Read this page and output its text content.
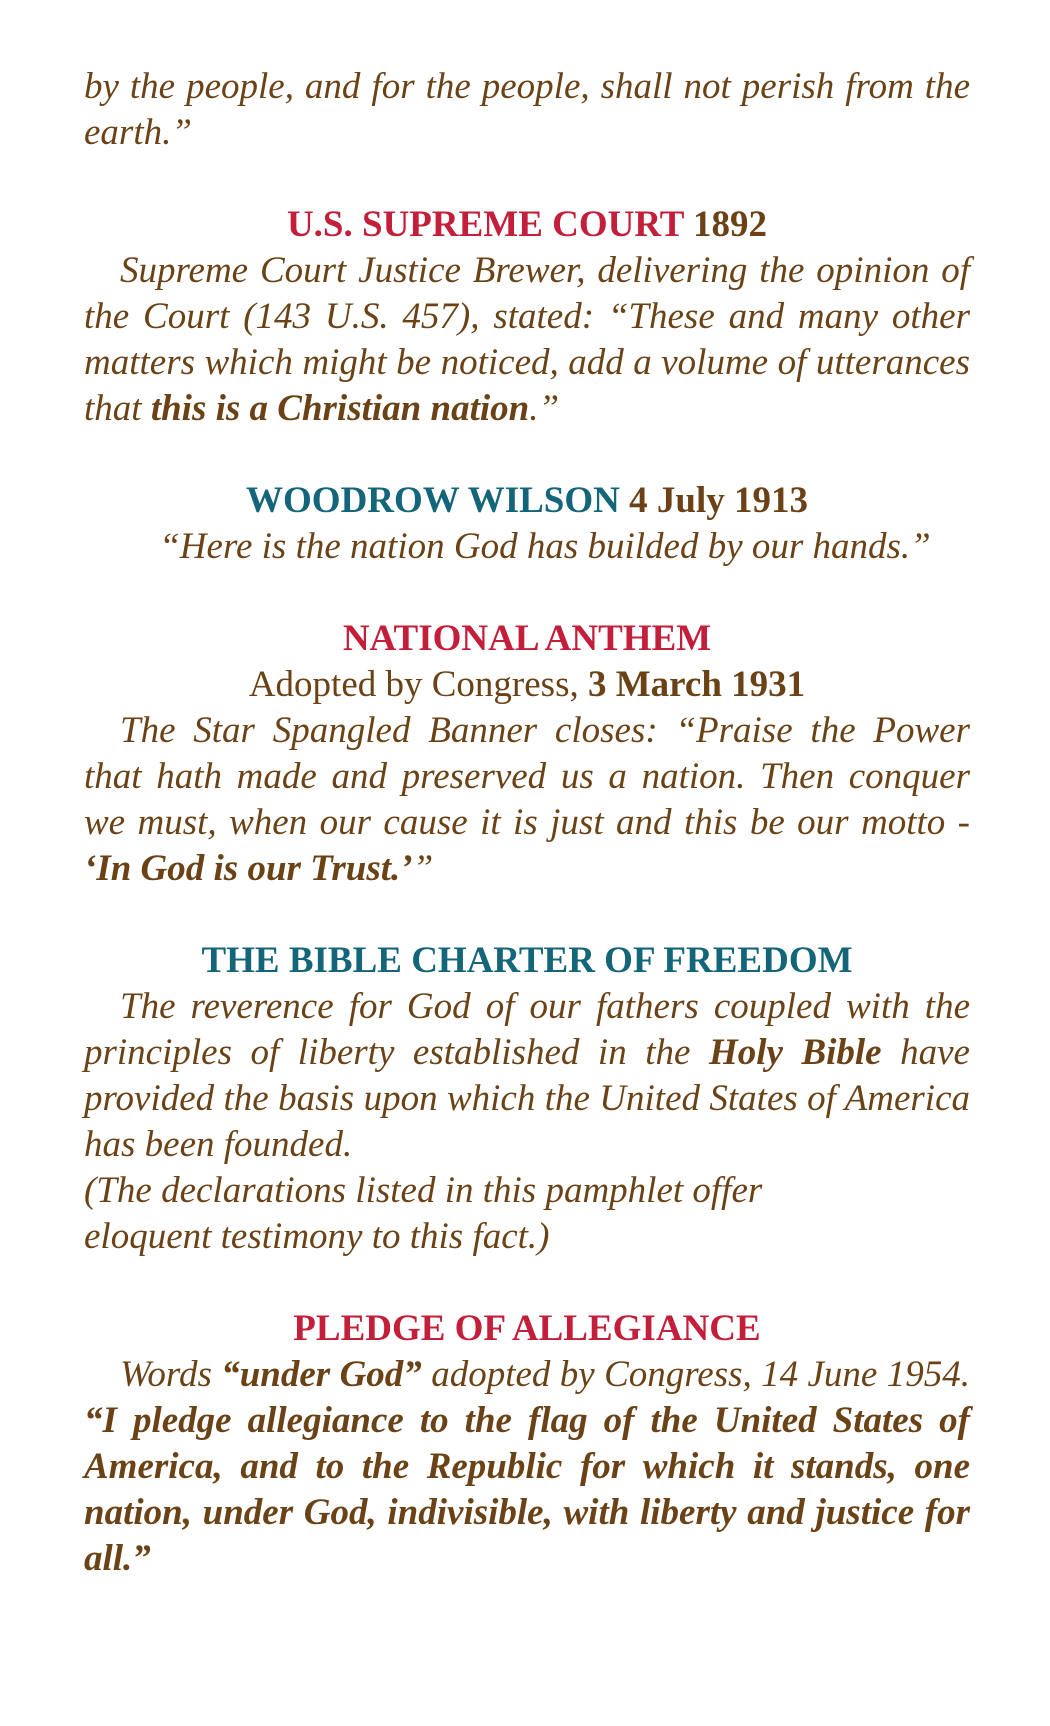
by the people, and for the people, shall not perish from the earth.”

U.S. SUPREME COURT 1892

Supreme Court Justice Brewer, delivering the opinion of the Court (143 U.S. 457), stated: “These and many other matters which might be noticed, add a volume of utterances that this is a Christian nation.”

WOODROW WILSON 4 July 1913

“Here is the nation God has builded by our hands.”

NATIONAL ANTHEM

Adopted by Congress, 3 March 1931

The Star Spangled Banner closes: “Praise the Power that hath made and preserved us a nation. Then conquer we must, when our cause it is just and this be our motto - ‘In God is our Trust.’”

THE BIBLE CHARTER OF FREEDOM

The reverence for God of our fathers coupled with the principles of liberty established in the Holy Bible have provided the basis upon which the United States of America has been founded.

(The declarations listed in this pamphlet offer

eloquent testimony to this fact.)

PLEDGE OF ALLEGIANCE

Words “under God” adopted by Congress, 14 June 1954. “I pledge allegiance to the flag of the United States of America, and to the Republic for which it stands, one nation, under God, indivisible, with liberty and justice for all.”
